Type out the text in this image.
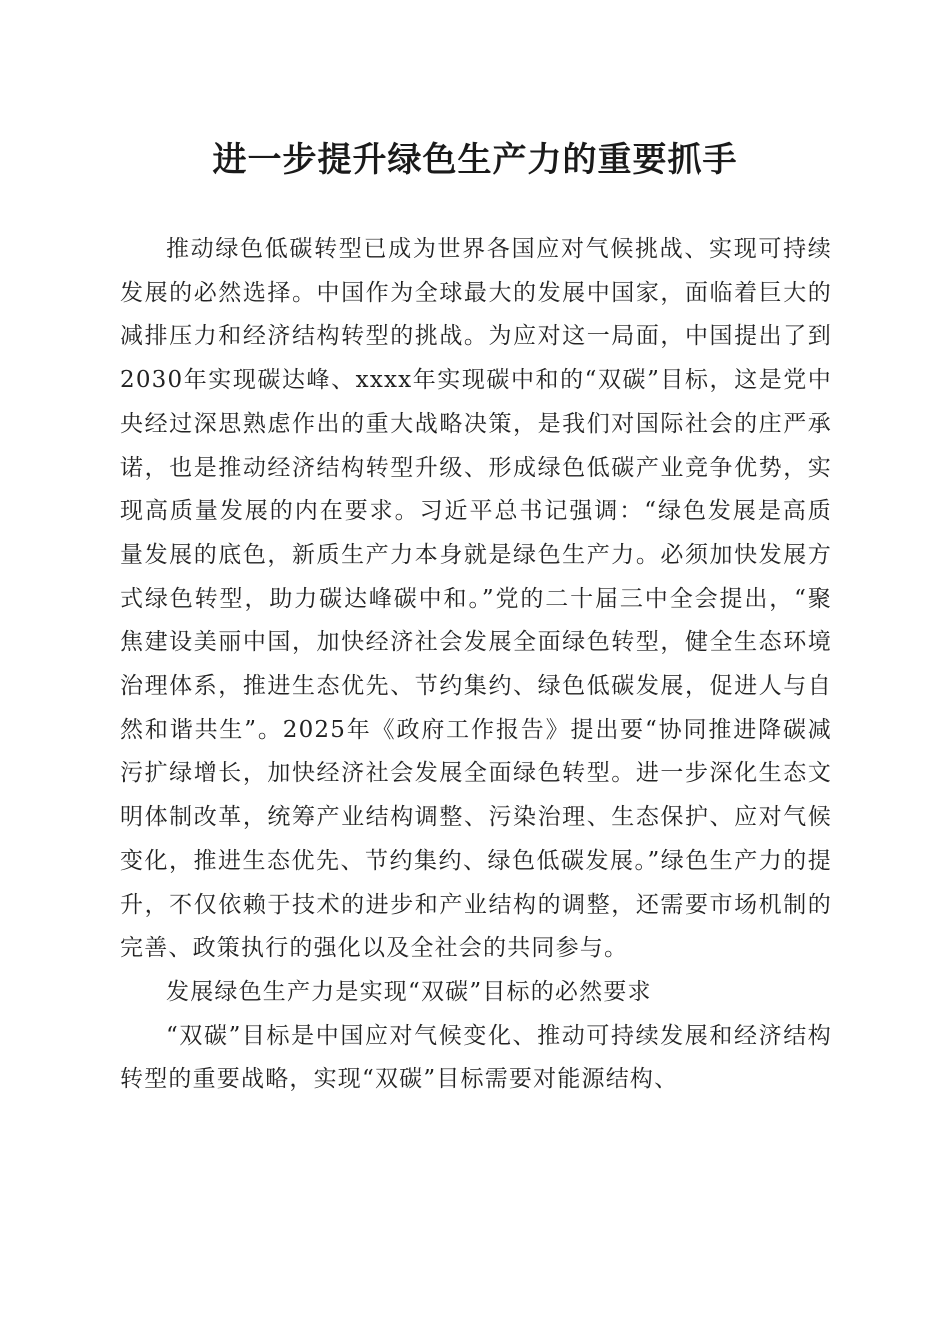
进一步提升绿色生产力的重要抓手

推动绿色低碳转型已成为世界各国应对气候挑战、实现可持续发展的必然选择。中国作为全球最大的发展中国家，面临着巨大的减排压力和经济结构转型的挑战。为应对这一局面，中国提出了到2030年实现碳达峰、xxxx年实现碳中和的“双碳”目标，这是党中央经过深思熟虑作出的重大战略决策，是我们对国际社会的庄严承诺，也是推动经济结构转型升级、形成绿色低碳产业竞争优势，实现高质量发展的内在要求。习近平总书记强调：“绿色发展是高质量发展的底色，新质生产力本身就是绿色生产力。必须加快发展方式绿色转型，助力碳达峰碳中和。”党的二十届三中全会提出，“聚焦建设美丽中国，加快经济社会发展全面绿色转型，健全生态环境治理体系，推进生态优先、节约集约、绿色低碳发展，促进人与自然和谐共生”。2025年《政府工作报告》提出要“协同推进降碳减污扩绿增长，加快经济社会发展全面绿色转型。进一步深化生态文明体制改革，统筹产业结构调整、污染治理、生态保护、应对气候变化，推进生态优先、节约集约、绿色低碳发展。”绿色生产力的提升，不仅依赖于技术的进步和产业结构的调整，还需要市场机制的完善、政策执行的强化以及全社会的共同参与。

发展绿色生产力是实现“双碳”目标的必然要求

“双碳”目标是中国应对气候变化、推动可持续发展和经济结构转型的重要战略，实现“双碳”目标需要对能源结构、
